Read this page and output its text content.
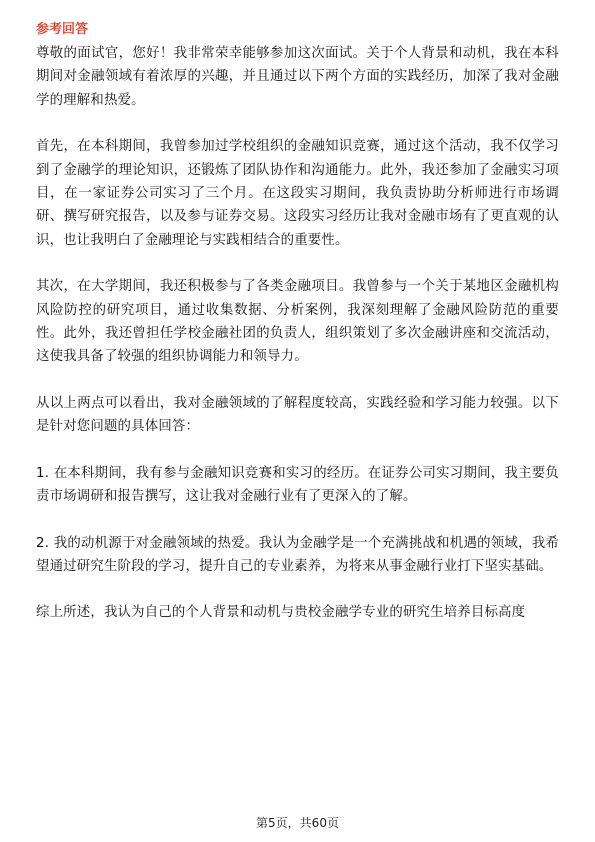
参考回答

尊敬的面试官，您好！我非常荣幸能够参加这次面试。关于个人背景和动机，我在本科期间对金融领域有着浓厚的兴趣，并且通过以下两个方面的实践经历，加深了我对金融学的理解和热爱。

首先，在本科期间，我曾参加过学校组织的金融知识竞赛，通过这个活动，我不仅学习到了金融学的理论知识，还锻炼了团队协作和沟通能力。此外，我还参加了金融实习项目，在一家证券公司实习了三个月。在这段实习期间，我负责协助分析师进行市场调研、撰写研究报告，以及参与证券交易。这段实习经历让我对金融市场有了更直观的认识，也让我明白了金融理论与实践相结合的重要性。

其次，在大学期间，我还积极参与了各类金融项目。我曾参与一个关于某地区金融机构风险防控的研究项目，通过收集数据、分析案例，我深刻理解了金融风险防范的重要性。此外，我还曾担任学校金融社团的负责人，组织策划了多次金融讲座和交流活动，这使我具备了较强的组织协调能力和领导力。

从以上两点可以看出，我对金融领域的了解程度较高，实践经验和学习能力较强。以下是针对您问题的具体回答：

1. 在本科期间，我有参与金融知识竞赛和实习的经历。在证券公司实习期间，我主要负责市场调研和报告撰写，这让我对金融行业有了更深入的了解。

2. 我的动机源于对金融领域的热爱。我认为金融学是一个充满挑战和机遇的领域，我希望通过研究生阶段的学习，提升自己的专业素养，为将来从事金融行业打下坚实基础。

综上所述，我认为自己的个人背景和动机与贵校金融学专业的研究生培养目标高度

第5页，共60页
